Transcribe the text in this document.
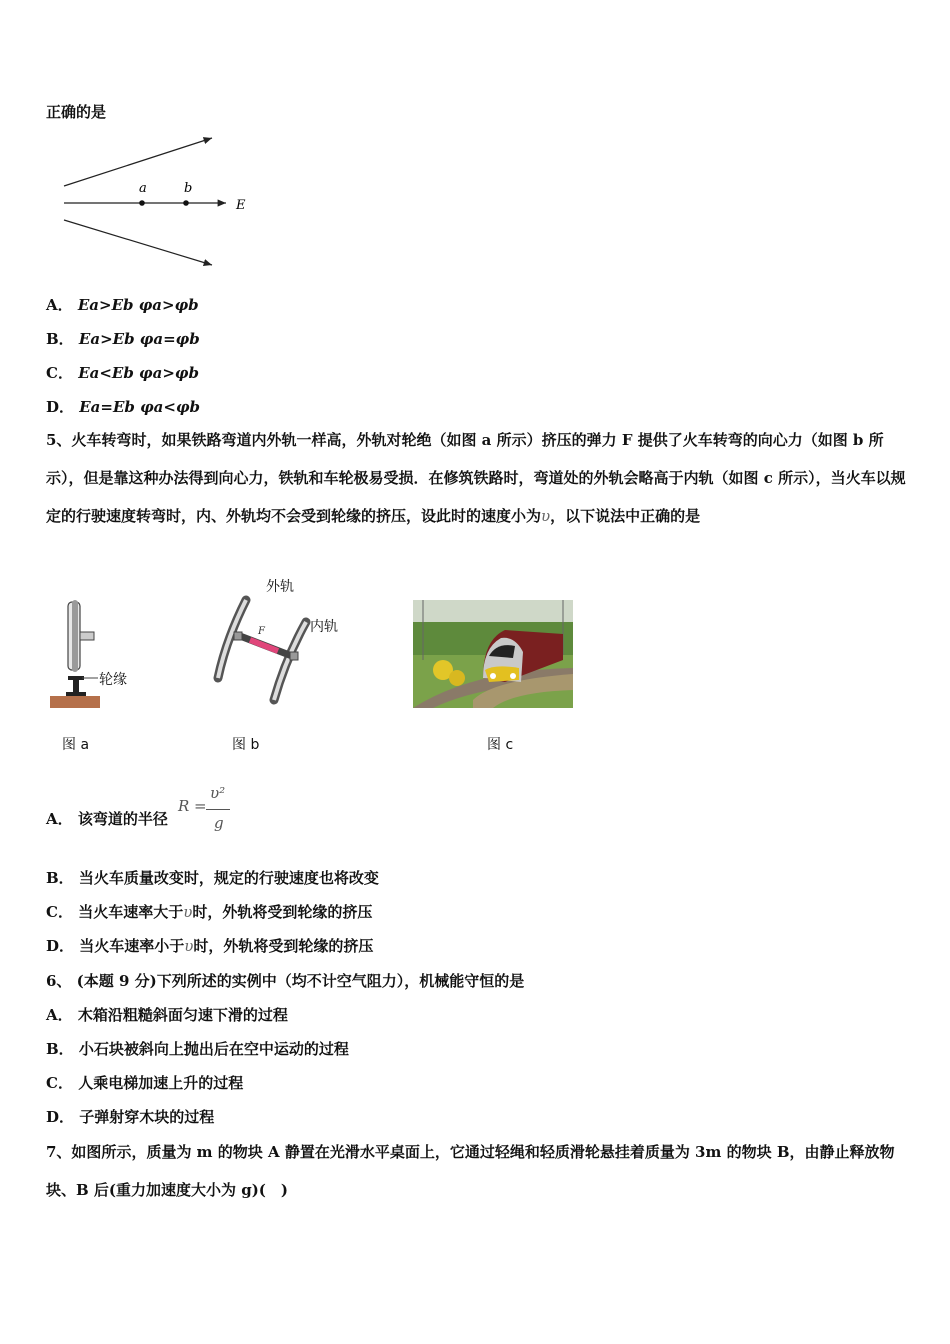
正确的是
a	b
E
A． Ea>Eb φa>φb
B． Ea>Eb φa=φb
C． Ea<Eb φa>φb
D． Ea=Eb φa<φb
5、火车转弯时，如果铁路弯道内外轨一样高，外轨对轮绝（如图 a 所示）挤压的弹力 F 提供了火车转弯的向心力（如图 b 所示），但是靠这种办法得到向心力，铁轨和车轮极易受损．在修筑铁路时，弯道处的外轨会略高于内轨（如图 c 所示），当火车以规定的行驶速度转弯时，内、外轨均不会受到轮缘的挤压，设此时的速度小为υ，以下说法中正确的是
轮缘
F
外轨
内轨
图 a	图 b	图 c
A． 该弯道的半径
R =
υ²
g
B． 当火车质量改变时，规定的行驶速度也将改变
C． 当火车速率大于υ时，外轨将受到轮缘的挤压
D． 当火车速率小于υ时，外轨将受到轮缘的挤压
6、 (本题 9 分)下列所述的实例中（均不计空气阻力），机械能守恒的是
A． 木箱沿粗糙斜面匀速下滑的过程
B． 小石块被斜向上抛出后在空中运动的过程
C． 人乘电梯加速上升的过程
D． 子弹射穿木块的过程
7、如图所示，质量为 m 的物块 A 静置在光滑水平桌面上，它通过轻绳和轻质滑轮悬挂着质量为 3m 的物块 B，由静止释放物块、B 后(重力加速度大小为 g)(　)
